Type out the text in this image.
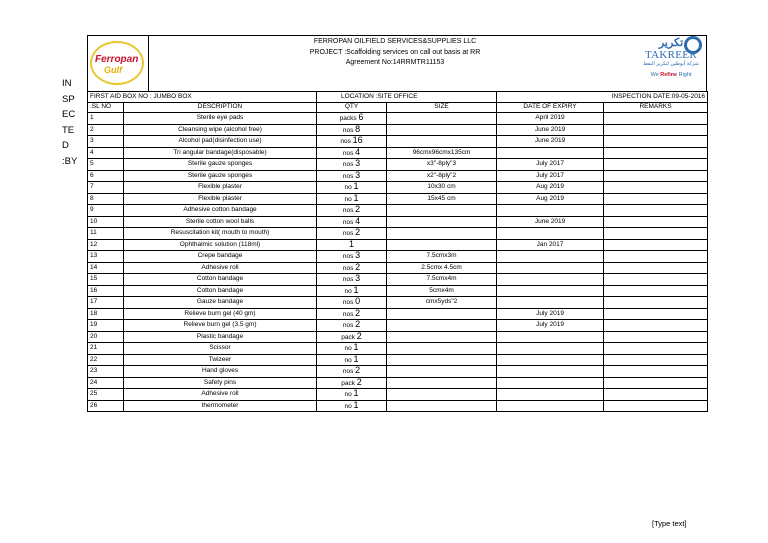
IN
SP
EC
TE
D
:BY
Ferropan
Gulf
FERROPAN OILFIELD SERVICES&SUPPLIES LLC
PROJECT :Scaffolding services on call out basis at RR
Agreement No:14RRMTR11153
تكرير
TAKREER
شركة أبوظبي لتكرير النفط
We Refine Right
FIRST AID BOX NO : JUMBO BOX		LOCATION :SITE OFFICE		INSPECTION DATE:09-05-2016	
.SL NO	DESCRIPTION	QTY	SIZE	DATE OF EXPIRY	REMARKS
1	Sterile eye pads	packs 6		April 2019	
2	Cleansing wipe (alcohol free)	nos 8		June 2019	
3	Alcohol pad(disinfection use)	nos 16		June 2019	
4	Tri angular bandage(disposable)	nos 4	96cmx96cmx135cm		
5	Sterile gauze sponges	nos 3	x3"-8ply"3	July 2017	
6	Sterile gauze sponges	nos 3	x2"-8ply"2	July 2017	
7	Flexible plaster	no 1	10x30 cm	Aug 2019	
8	Flexible plaster	no 1	15x45 cm	Aug 2019	
9	Adhesive cotton bandage	nos 2			
10	Sterile cotton wool balls	nos 4		June 2019	
11	Resuscitation kit( mouth to mouth)	nos 2			
12	Ophthalmic solution (118ml)	1		Jan 2017	
13	Crepe bandage	nos 3	7.5cmx3m		
14	Adhesive roll	nos 2	2.5cmx 4.5cm		
15	Cotton bandage	nos 3	7.5cmx4m		
16	Cotton bandage	no 1	5cmx4m		
17	Gauze bandage	nos 0	cmx5yds"2		
18	Relieve burn gel (40 gm)	nos 2		July 2019	
19	Relieve burn gel (3.5 gm)	nos 2		July 2019	
20	Plastic bandage	pack 2			
21	Scissor	no 1			
22	Twizeer	no 1			
23	Hand gloves	nos 2			
24	Safety pins	pack 2			
25	Adhesive roll	no 1			
26	thermometer	no 1			
[Type text]
